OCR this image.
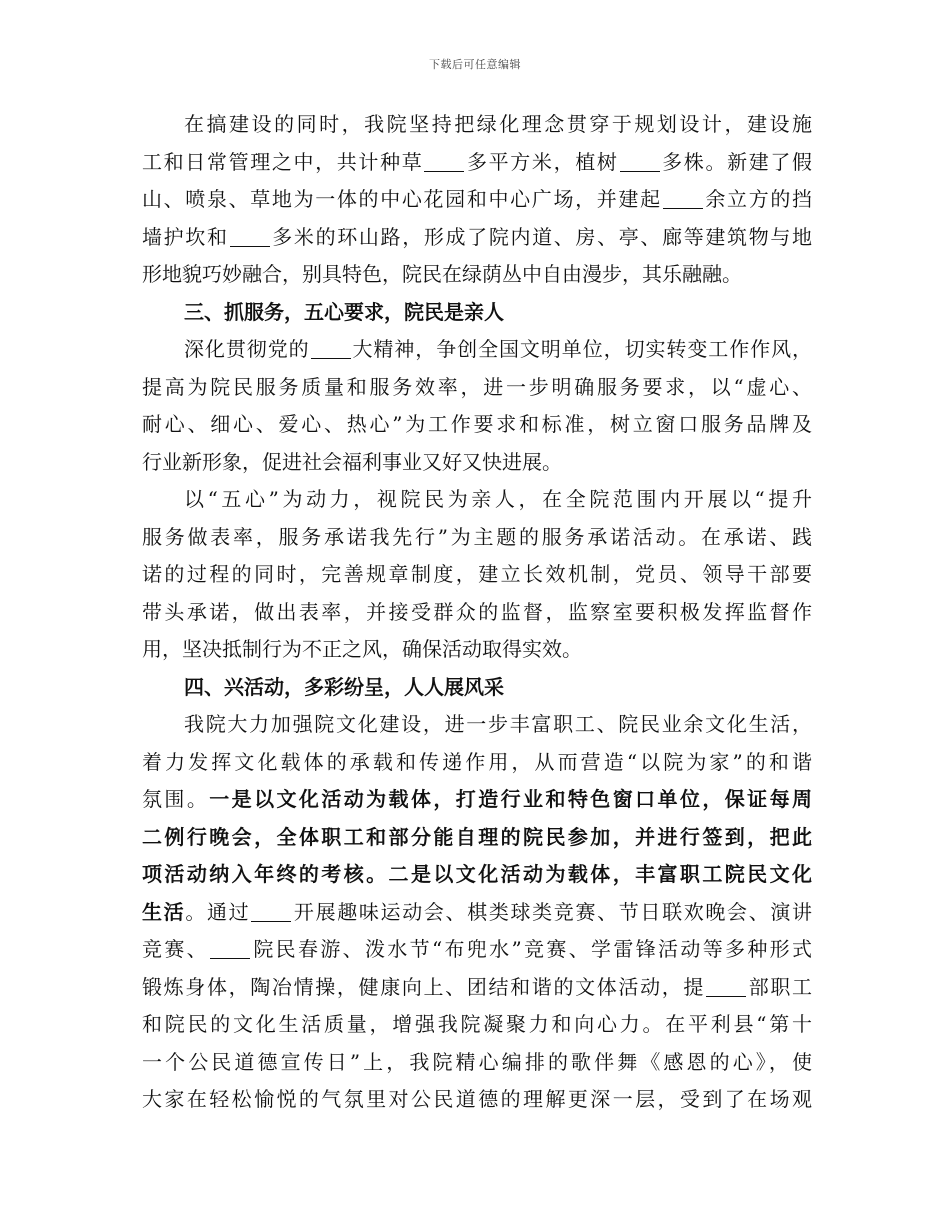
下载后可任意编辑
在搞建设的同时，我院坚持把绿化理念贯穿于规划设计，建设施
工和日常管理之中，共计种草 多平方米，植树 多株。新建了假
山、喷泉、草地为一体的中心花园和中心广场，并建起 余立方的挡
墙护坎和 多米的环山路，形成了院内道、房、亭、廊等建筑物与地
形地貌巧妙融合，别具特色，院民在绿荫丛中自由漫步，其乐融融。
三、抓服务，五心要求，院民是亲人
深化贯彻党的 大精神，争创全国文明单位，切实转变工作作风，
提高为院民服务质量和服务效率，进一步明确服务要求，以“虚心、
耐心、细心、爱心、热心”为工作要求和标准，树立窗口服务品牌及
行业新形象，促进社会福利事业又好又快进展。
以“五心”为动力，视院民为亲人，在全院范围内开展以“提升
服务做表率，服务承诺我先行”为主题的服务承诺活动。在承诺、践
诺的过程的同时，完善规章制度，建立长效机制，党员、领导干部要
带头承诺，做出表率，并接受群众的监督，监察室要积极发挥监督作
用，坚决抵制行为不正之风，确保活动取得实效。
四、兴活动，多彩纷呈，人人展风采
我院大力加强院文化建设，进一步丰富职工、院民业余文化生活，
着力发挥文化载体的承载和传递作用，从而营造“以院为家”的和谐
氛围。一是以文化活动为载体，打造行业和特色窗口单位，保证每周
二例行晚会，全体职工和部分能自理的院民参加，并进行签到，把此
项活动纳入年终的考核。二是以文化活动为载体，丰富职工院民文化
生活。通过 开展趣味运动会、棋类球类竞赛、节日联欢晚会、演讲
竞赛、 院民春游、泼水节“布兜水”竞赛、学雷锋活动等多种形式
锻炼身体，陶冶情操，健康向上、团结和谐的文体活动，提 部职工
和院民的文化生活质量，增强我院凝聚力和向心力。在平利县“第十
一个公民道德宣传日”上，我院精心编排的歌伴舞《感恩的心》，使
大家在轻松愉悦的气氛里对公民道德的理解更深一层，受到了在场观
